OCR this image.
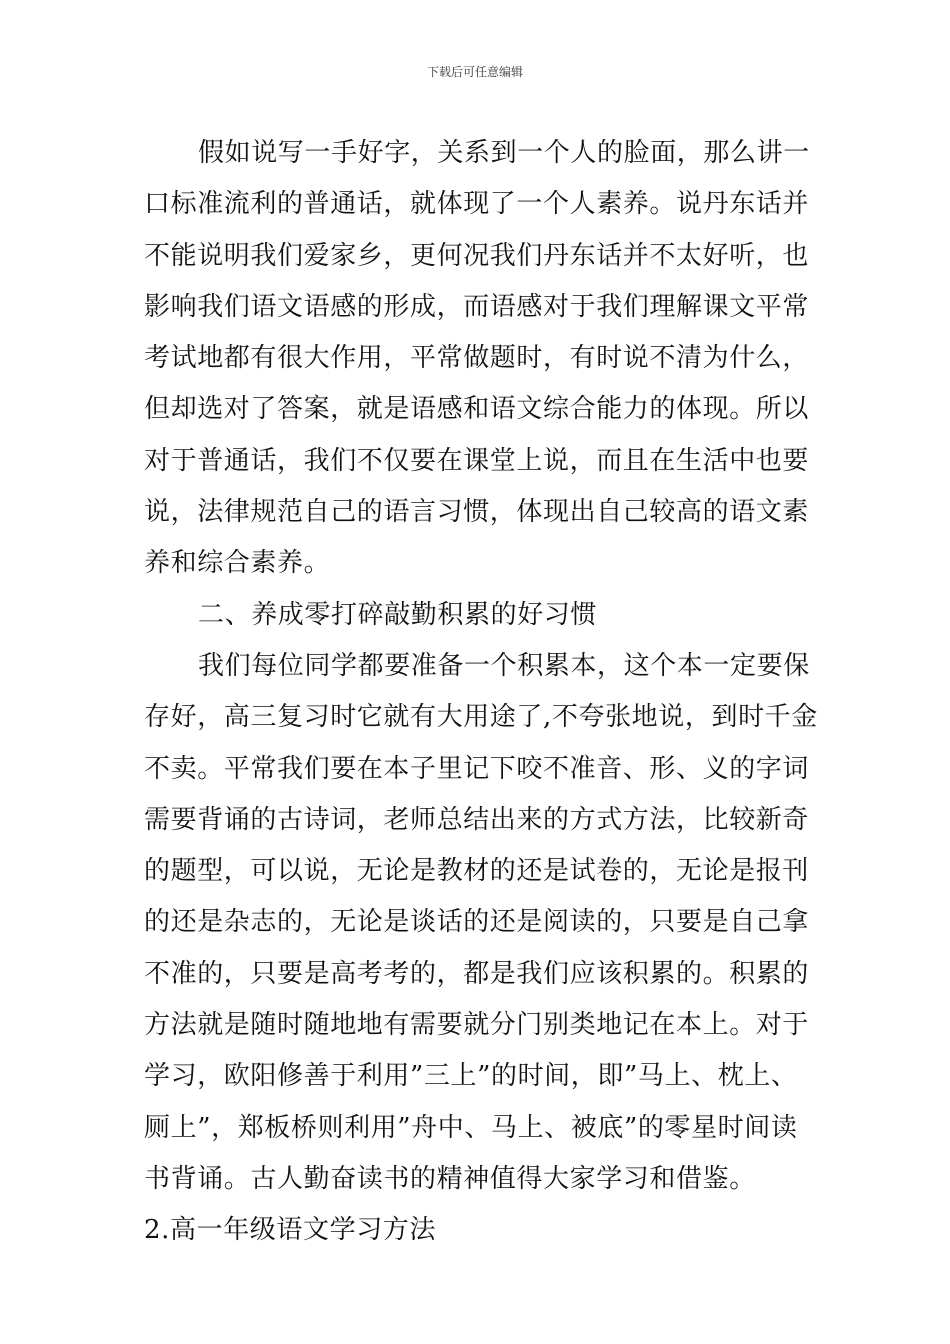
下载后可任意编辑

假如说写一手好字，关系到一个人的脸面，那么讲一口标准流利的普通话，就体现了一个人素养。说丹东话并不能说明我们爱家乡，更何况我们丹东话并不太好听，也影响我们语文语感的形成，而语感对于我们理解课文平常考试地都有很大作用，平常做题时，有时说不清为什么，但却选对了答案，就是语感和语文综合能力的体现。所以对于普通话，我们不仅要在课堂上说，而且在生活中也要说，法律规范自己的语言习惯，体现出自己较高的语文素养和综合素养。

二、养成零打碎敲勤积累的好习惯

我们每位同学都要准备一个积累本，这个本一定要保存好，高三复习时它就有大用途了,不夸张地说，到时千金不卖。平常我们要在本子里记下咬不准音、形、义的字词需要背诵的古诗词，老师总结出来的方式方法，比较新奇的题型，可以说，无论是教材的还是试卷的，无论是报刊的还是杂志的，无论是谈话的还是阅读的，只要是自己拿不准的，只要是高考考的，都是我们应该积累的。积累的方法就是随时随地地有需要就分门别类地记在本上。对于学习，欧阳修善于利用”三上”的时间，即”马上、枕上、厕上”，郑板桥则利用”舟中、马上、被底”的零星时间读书背诵。古人勤奋读书的精神值得大家学习和借鉴。

2.高一年级语文学习方法
